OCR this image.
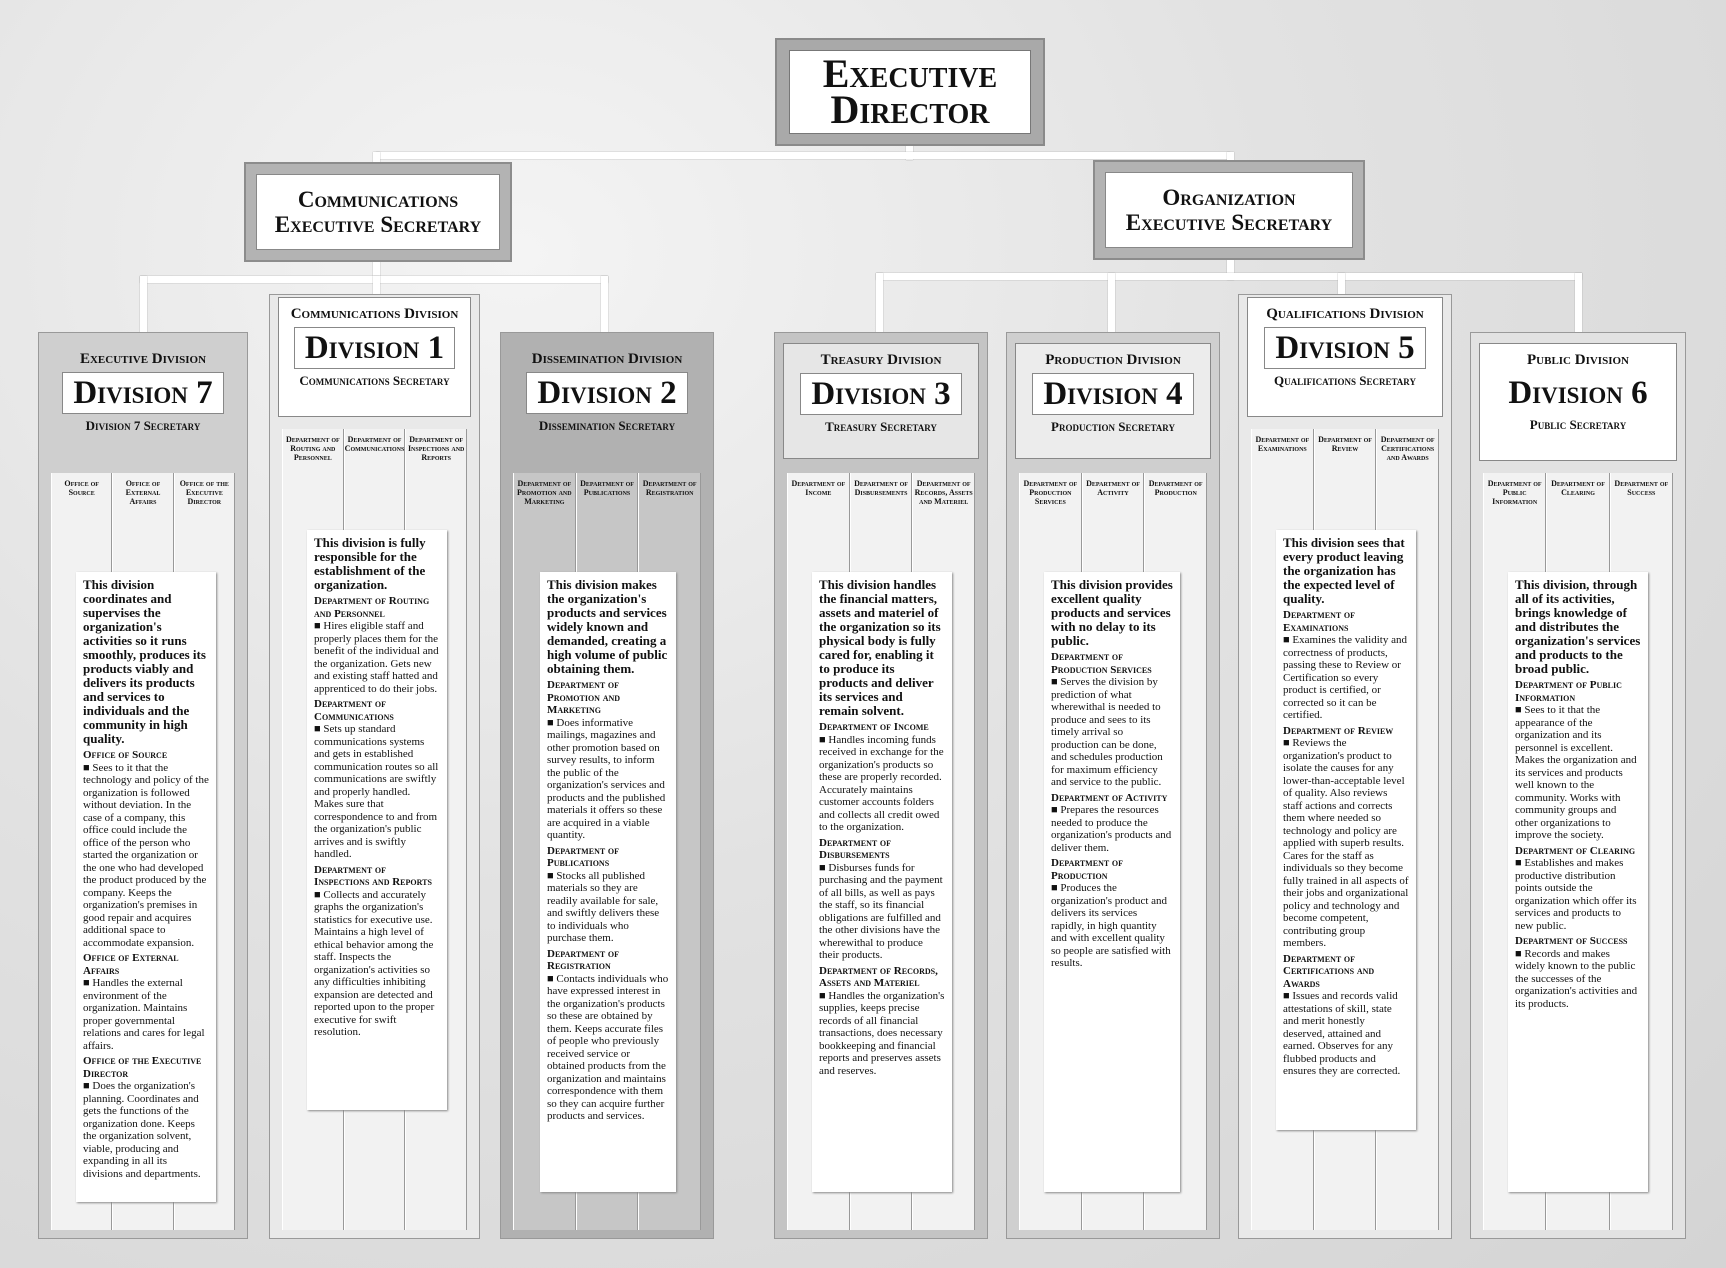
Executive Director
Communications Executive Secretary
Organization Executive Secretary
Executive Division
Division 7
Division 7 Secretary
Office of Source
Office of External Affairs
Office of the Executive Director

This division coordinates and supervises the organization's activities so it runs smoothly, produces its products viably and delivers its products and services to individuals and the community in high quality.

Office of Source

■ Sees to it that the technology and policy of the organization is followed without deviation. In the case of a company, this office could include the office of the person who started the organization or the one who had developed the product produced by the company. Keeps the organization's premises in good repair and acquires additional space to accommodate expansion.

Office of External Affairs

■ Handles the external environment of the organization. Maintains proper governmental relations and cares for legal affairs.

Office of the Executive Director

■ Does the organization's planning. Coordinates and gets the functions of the organization done. Keeps the organization solvent, viable, producing and expanding in all its divisions and departments.

Communications Division
Division 1
Communications Secretary
Department of Routing and Personnel
Department of Communications
Department of Inspections and Reports

This division is fully responsible for the establishment of the organization.

Department of Routing and Personnel

■ Hires eligible staff and properly places them for the benefit of the individual and the organization. Gets new and existing staff hatted and apprenticed to do their jobs.

Department of Communications

■ Sets up standard communications systems and gets in established communication routes so all communications are swiftly and properly handled. Makes sure that correspondence to and from the organization's public arrives and is swiftly handled.

Department of Inspections and Reports

■ Collects and accurately graphs the organization's statistics for executive use. Maintains a high level of ethical behavior among the staff. Inspects the organization's activities so any difficulties inhibiting expansion are detected and reported upon to the proper executive for swift resolution.

Dissemination Division
Division 2
Dissemination Secretary
Department of Promotion and Marketing
Department of Publications
Department of Registration

This division makes the organization's products and services widely known and demanded, creating a high volume of public obtaining them.

Department of Promotion and Marketing

■ Does informative mailings, magazines and other promotion based on survey results, to inform the public of the organization's services and products and the published materials it offers so these are acquired in a viable quantity.

Department of Publications

■ Stocks all published materials so they are readily available for sale, and swiftly delivers these to individuals who purchase them.

Department of Registration

■ Contacts individuals who have expressed interest in the organization's products so these are obtained by them. Keeps accurate files of people who previously received service or obtained products from the organization and maintains correspondence with them so they can acquire further products and services.

Treasury Division
Division 3
Treasury Secretary
Department of Income
Department of Disbursements
Department of Records, Assets and Materiel

This division handles the financial matters, assets and materiel of the organization so its physical body is fully cared for, enabling it to produce its products and deliver its services and remain solvent.

Department of Income

■ Handles incoming funds received in exchange for the organization's products so these are properly recorded. Accurately maintains customer accounts folders and collects all credit owed to the organization.

Department of Disbursements

■ Disburses funds for purchasing and the payment of all bills, as well as pays the staff, so its financial obligations are fulfilled and the other divisions have the wherewithal to produce their products.

Department of Records, Assets and Materiel

■ Handles the organization's supplies, keeps precise records of all financial transactions, does necessary bookkeeping and financial reports and preserves assets and reserves.

Production Division
Division 4
Production Secretary
Department of Production Services
Department of Activity
Department of Production

This division provides excellent quality products and services with no delay to its public.

Department of Production Services

■ Serves the division by prediction of what wherewithal is needed to produce and sees to its timely arrival so production can be done, and schedules production for maximum efficiency and service to the public.

Department of Activity

■ Prepares the resources needed to produce the organization's products and deliver them.

Department of Production

■ Produces the organization's product and delivers its services rapidly, in high quantity and with excellent quality so people are satisfied with results.

Qualifications Division
Division 5
Qualifications Secretary
Department of Examinations
Department of Review
Department of Certifications and Awards

This division sees that every product leaving the organization has the expected level of quality.

Department of Examinations

■ Examines the validity and correctness of products, passing these to Review or Certification so every product is certified, or corrected so it can be certified.

Department of Review

■ Reviews the organization's product to isolate the causes for any lower-than-acceptable level of quality. Also reviews staff actions and corrects them where needed so technology and policy are applied with superb results. Cares for the staff as individuals so they become fully trained in all aspects of their jobs and organizational policy and technology and become competent, contributing group members.

Department of Certifications and Awards

■ Issues and records valid attestations of skill, state and merit honestly deserved, attained and earned. Observes for any flubbed products and ensures they are corrected.

Public Division
Division 6
Public Secretary
Department of Public Information
Department of Clearing
Department of Success

This division, through all of its activities, brings knowledge of and distributes the organization's services and products to the broad public.

Department of Public Information

■ Sees to it that the appearance of the organization and its personnel is excellent. Makes the organization and its services and products well known to the community. Works with community groups and other organizations to improve the society.

Department of Clearing

■ Establishes and makes productive distribution points outside the organization which offer its services and products to new public.

Department of Success

■ Records and makes widely known to the public the successes of the organization's activities and its products.
